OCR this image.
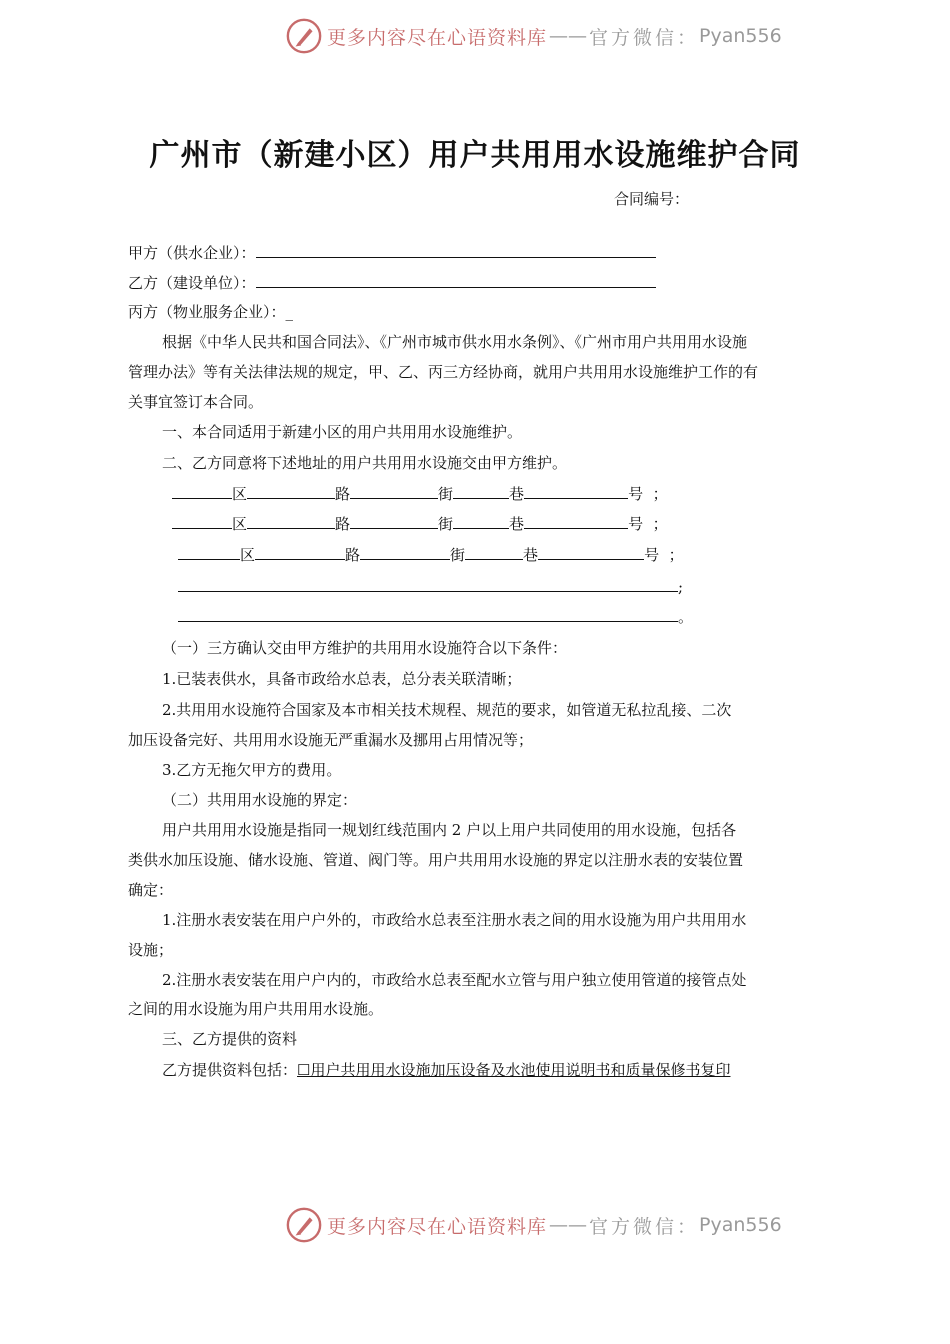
更多内容尽在心语资料库 —— 官方微信： Pyan556
广州市（新建小区）用户共用用水设施维护合同
合同编号：
甲方（供水企业）：
乙方（建设单位）：
丙方（物业服务企业）：_
根据《中华人民共和国合同法》、《广州市城市供水用水条例》、《广州市用户共用用水设施
管理办法》等有关法律法规的规定，甲、乙、丙三方经协商，就用户共用用水设施维护工作的有
关事宜签订本合同。
一、本合同适用于新建小区的用户共用用水设施维护。
二、乙方同意将下述地址的用户共用用水设施交由甲方维护。
区	路	街	巷	号 ；
区	路	街	巷	号 ；
区	路	街	巷	号 ；
;
。
（一）三方确认交由甲方维护的共用用水设施符合以下条件：
1.已装表供水，具备市政给水总表，总分表关联清晰；
2.共用用水设施符合国家及本市相关技术规程、规范的要求，如管道无私拉乱接、二次
加压设备完好、共用用水设施无严重漏水及挪用占用情况等；
3.乙方无拖欠甲方的费用。
（二）共用用水设施的界定：
用户共用用水设施是指同一规划红线范围内 2 户以上用户共同使用的用水设施，包括各
类供水加压设施、储水设施、管道、阀门等。用户共用用水设施的界定以注册水表的安装位置
确定：
1.注册水表安装在用户户外的，市政给水总表至注册水表之间的用水设施为用户共用用水
设施；
2.注册水表安装在用户户内的，市政给水总表至配水立管与用户独立使用管道的接管点处
之间的用水设施为用户共用用水设施。
三、乙方提供的资料
乙方提供资料包括：☐用户共用用水设施加压设备及水池使用说明书和质量保修书复印
更多内容尽在心语资料库 —— 官方微信： Pyan556
